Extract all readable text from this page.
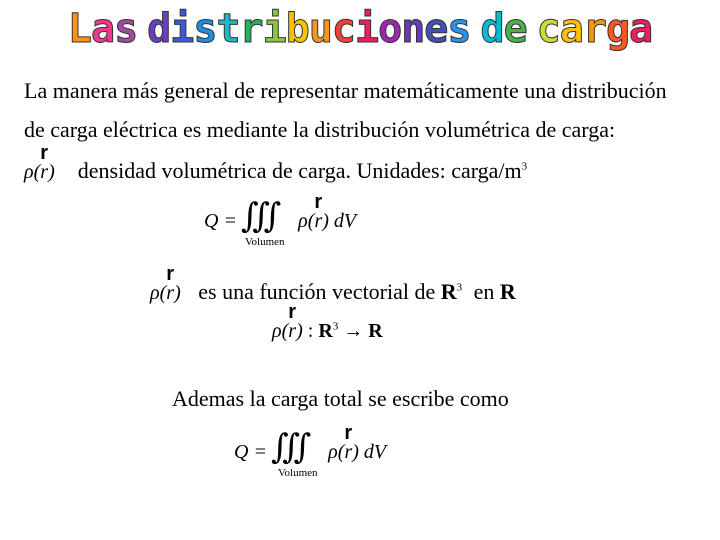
Las distribuciones de carga
La manera más general de representar matemáticamente una distribución
de carga eléctrica es mediante la distribución volumétrica de carga:
ρ(
r
r) densidad volumétrica de carga. Unidades: carga/$m^3$
Q = ∭ ρ(
r
r) dV
Volumen
ρ(
r
r) es una función vectorial de $R^3$ en R
ρ(
r
r) : $R^3 \to R$
Ademas la carga total se escribe como
Q = ∭ ρ(
r
r) dV
Volumen
